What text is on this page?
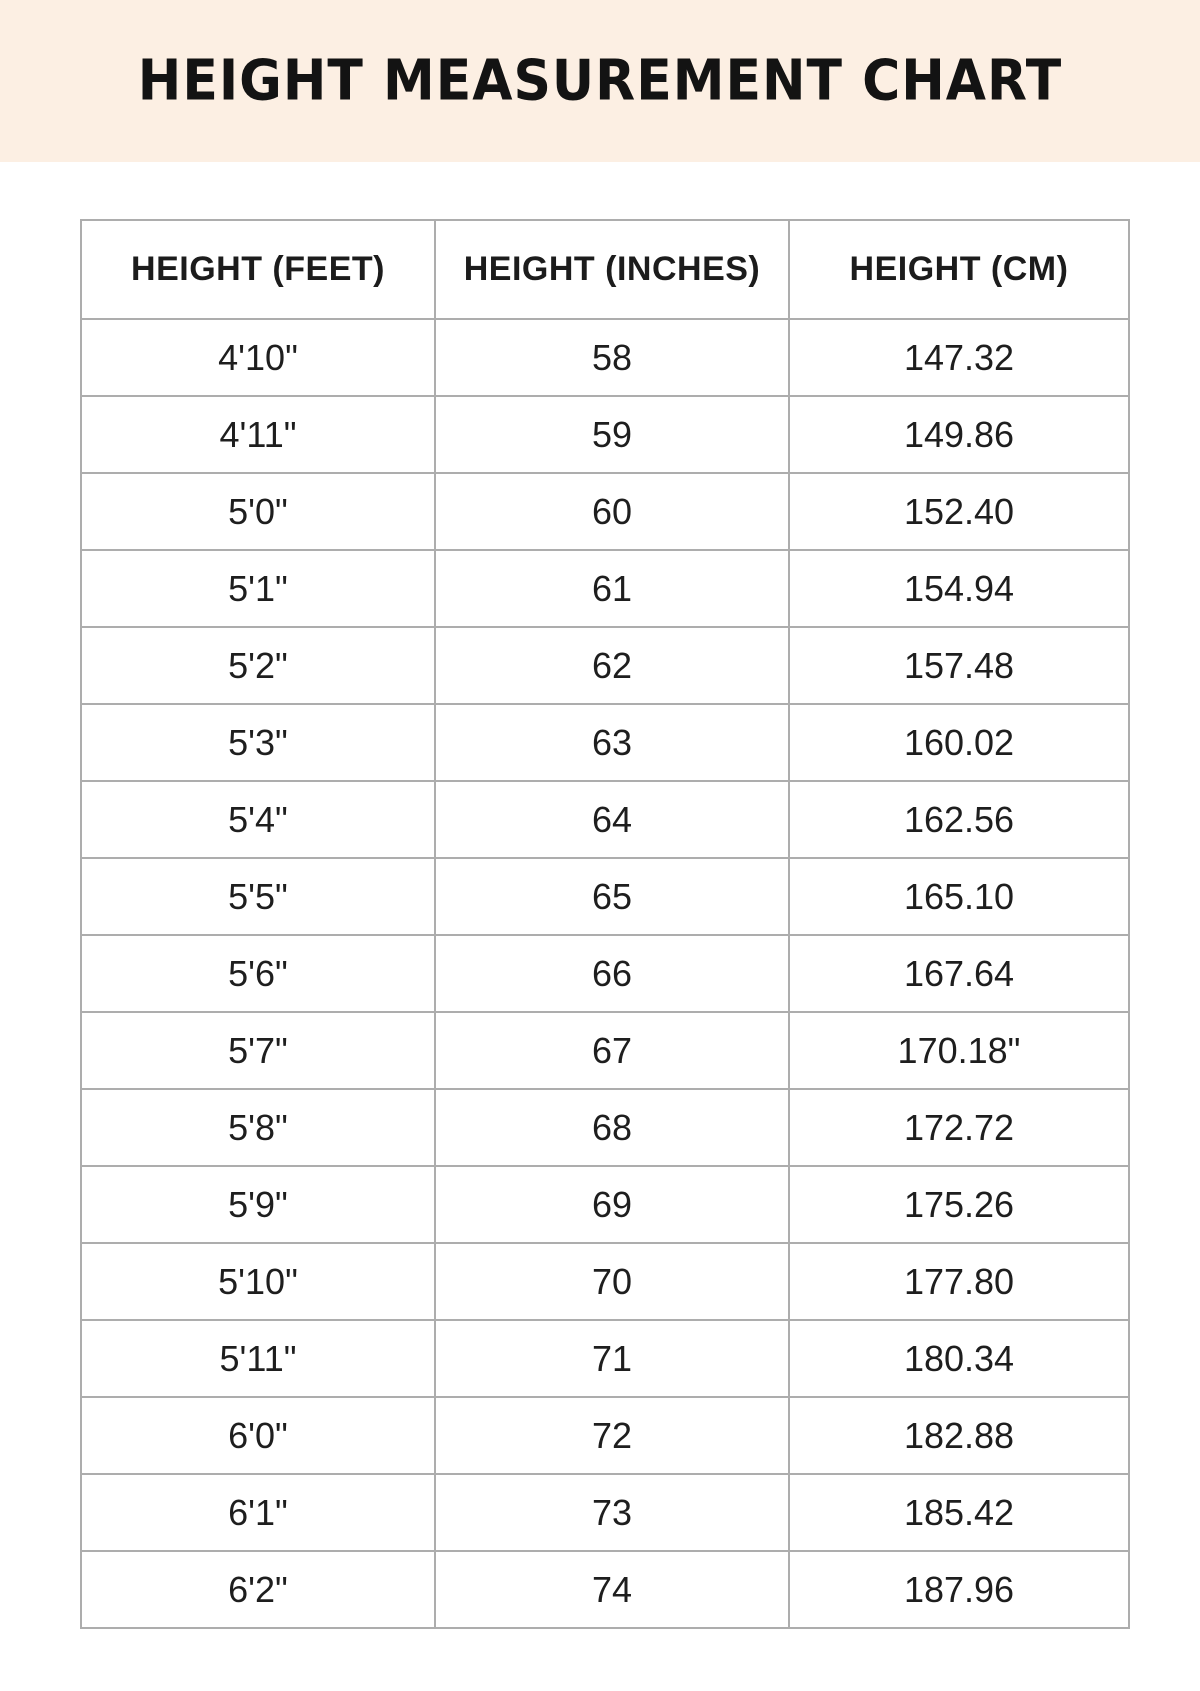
HEIGHT MEASUREMENT CHART
HEIGHT (FEET)	HEIGHT (INCHES)	HEIGHT (CM)
4'10"	58	147.32
4'11"	59	149.86
5'0"	60	152.40
5'1"	61	154.94
5'2"	62	157.48
5'3"	63	160.02
5'4"	64	162.56
5'5"	65	165.10
5'6"	66	167.64
5'7"	67	170.18"
5'8"	68	172.72
5'9"	69	175.26
5'10"	70	177.80
5'11"	71	180.34
6'0"	72	182.88
6'1"	73	185.42
6'2"	74	187.96
